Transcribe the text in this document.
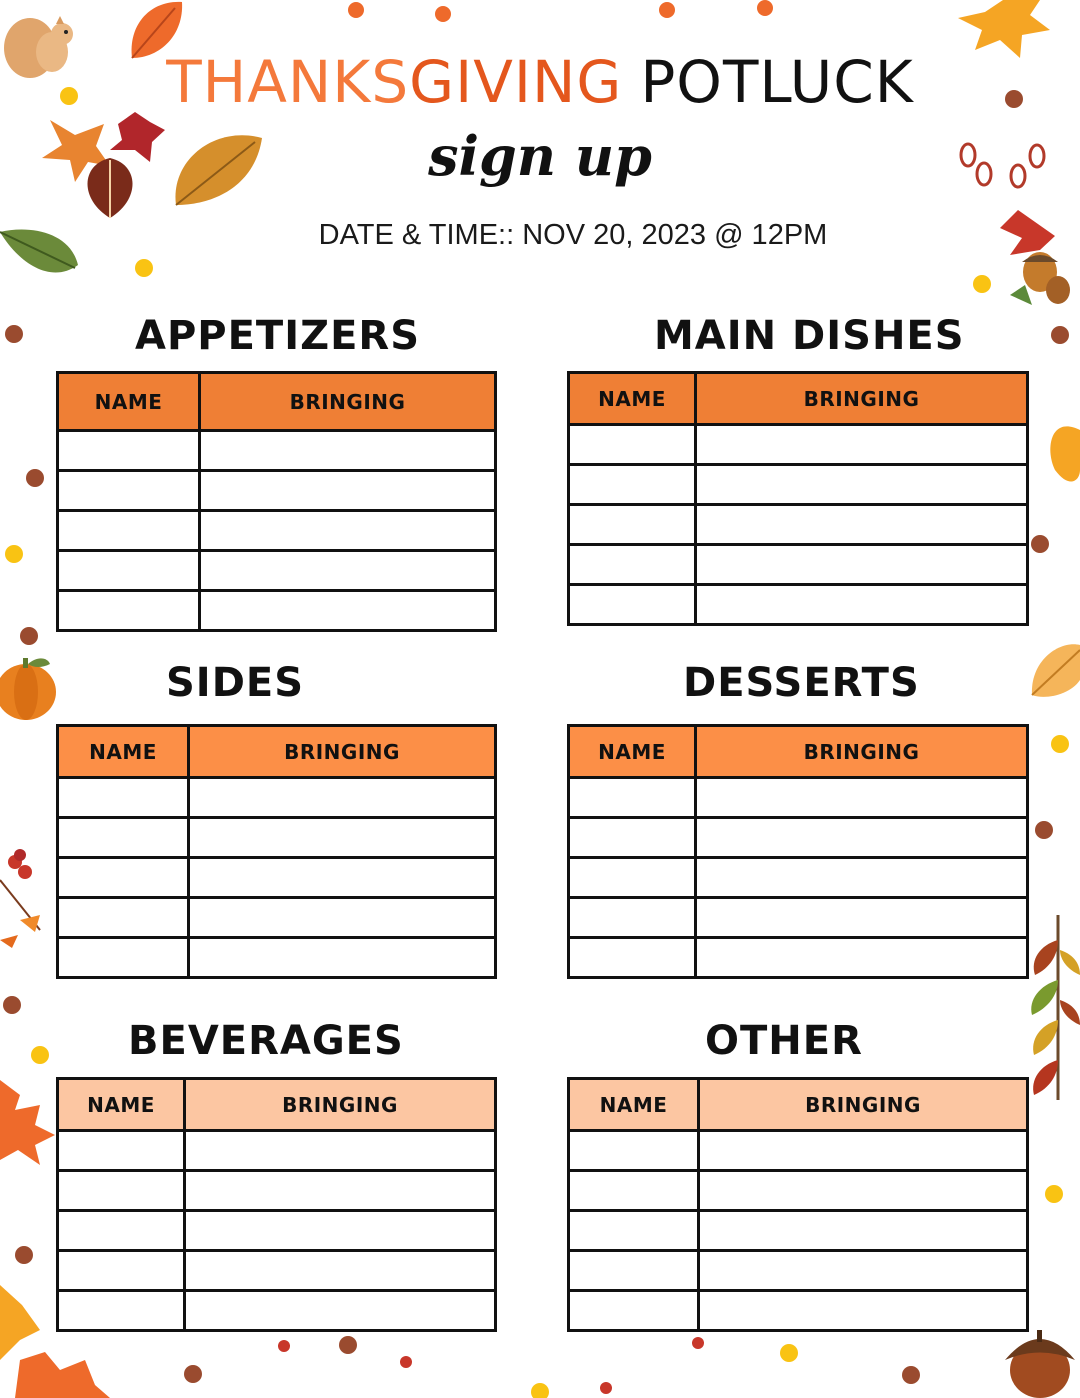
THANKSGIVING POTLUCK
sign up
DATE & TIME:: NOV 20, 2023 @ 12PM
APPETIZERS
NAME	BRINGING

MAIN DISHES
NAME	BRINGING

SIDES
NAME	BRINGING

DESSERTS
NAME	BRINGING

BEVERAGES
NAME	BRINGING

OTHER
NAME	BRINGING
